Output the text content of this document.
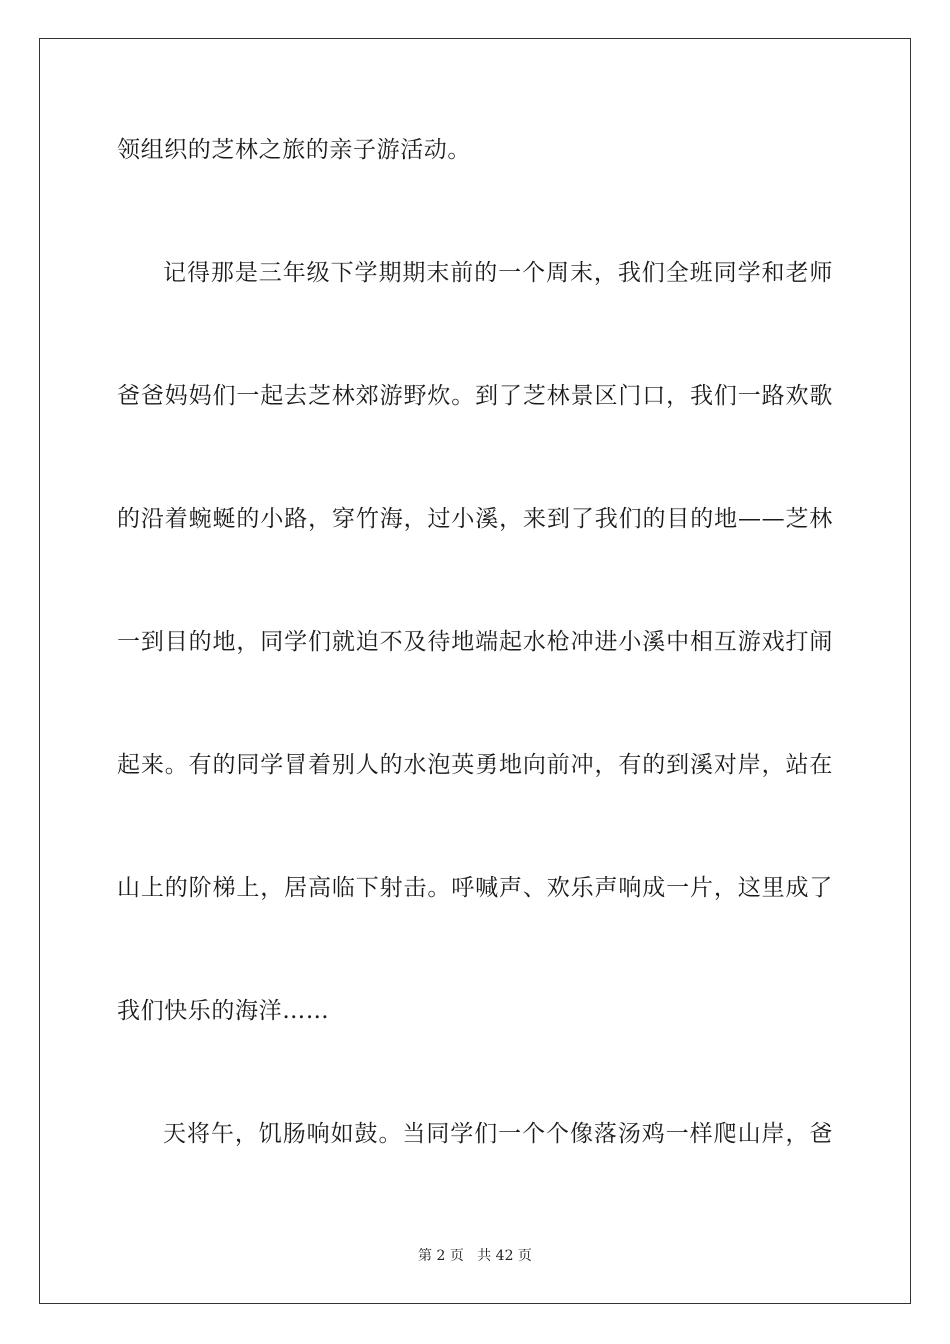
领组织的芝林之旅的亲子游活动。
记得那是三年级下学期期末前的一个周末，我们全班同学和老师
爸爸妈妈们一起去芝林郊游野炊。到了芝林景区门口，我们一路欢歌
的沿着蜿蜒的小路，穿竹海，过小溪，来到了我们的目的地——芝林
一到目的地，同学们就迫不及待地端起水枪冲进小溪中相互游戏打闹
起来。有的同学冒着别人的水泡英勇地向前冲，有的到溪对岸，站在
山上的阶梯上，居高临下射击。呼喊声、欢乐声响成一片，这里成了
我们快乐的海洋……
天将午，饥肠响如鼓。当同学们一个个像落汤鸡一样爬山岸，爸
第 2 页 共 42 页
